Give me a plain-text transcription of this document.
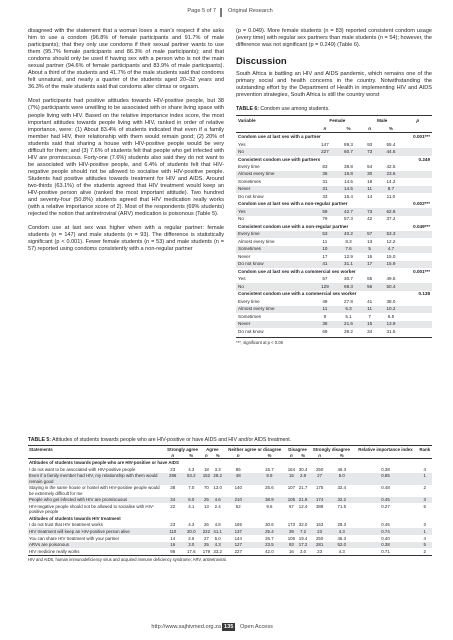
Page 5 of 7 Original Research

disagreed with the statement that a woman loses a man’s respect if she asks him to use a condom (96.8% of female participants and 91.7% of male participants); that they only use condoms if their sexual partner wants to use them (95.7% female participants and 86.3% of male participants); and that condoms should only be used if having sex with a person who is not the main sexual partner (94.6% of female participants and 83.9% of male participants). About a third of the students and 41.7% of the male students said that condoms felt unnatural, and nearly a quarter of the students aged 20–32 years and 36.3% of the male students said that condoms alter climax or orgasm.

Most participants had positive attitudes towards HIV-positive people, but 38 (7%) participants were unwilling to be associated with or share living space with people living with HIV. Based on the relative importance index score, the most important attitudes towards people living with HIV, ranked in order of relative importance, were: (1) About 83.4% of students indicated that even if a family member had HIV, their relationship with them would remain good; (2) 20% of students said that sharing a house with HIV-positive people would be very difficult for them; and (3) 7.6% of students felt that people who get infected with HIV are promiscuous. Forty-one (7.6%) students also said they do not want to be associated with HIV-positive people, and 6.4% of students felt that HIV-negative people should not be allowed to socialise with HIV-positive people. Students had positive attitudes towards treatment for HIV and AIDS. Around two-thirds (63.1%) of the students agreed that HIV treatment would keep an HIV-positive person alive (ranked the most important attitude). Two hundred and seventy-four (50.8%) students agreed that HIV medication really works (with a relative importance score of 2). Most of the respondents (69% students) rejected the notion that antiretroviral (ARV) medication is poisonous (Table 5).

Condom use at last sex was higher when with a regular partner: female students (n = 147) and male students (n = 93). The difference is statistically significant (p < 0.001). Fewer female students (n = 53) and male students (n = 57) reported using condoms consistently with a non-regular partner

(p = 0.049). More female students (n = 83) reported consistent condom usage (every time) with regular sex partners than male students (n = 54); however, the difference was not significant (p = 0.249) (Table 6).

Discussion

South Africa is battling an HIV and AIDS pandemic, which remains one of the primary social and health concerns in the country. Notwithstanding the outstanding effort by the Department of Health in implementing HIV and AIDS prevention strategies, South Africa is still the country worst

TABLE 6: Condom use among students.
Variable	Female		Male		p
	n	%	n	%	
Condom use at last sex with a partner					0.001***
Yes	147	89.3	93	55.4	
No	227	60.7	73	44.6	
Consistent condom use with partners					0.249
Every time	83	38.8	54	42.5	
Almost every time	36	16.8	30	23.6	
Sometimes	31	14.5	18	14.2	
Never	31	14.5	11	8.7	
Do not know	33	15.4	14	11.0	
Condom use at last sex with a non-regular partner					0.002***
Yes	59	42.7	73	62.8	
No	79	57.3	42	37.2	
Consistent condom use with a non-regular partner					0.049***
Every time	53	40.2	57	53.3	
Almost every time	11	8.3	13	12.2	
Sometimes	10	7.6	5	4.7	
Never	17	12.9	16	15.0	
Do not know	41	31.1	17	15.9	
Condom use at last sex with a commercial sex worker					0.001***
Yes	57	30.7	55	49.6	
No	129	69.3	56	50.4	
Consistent condom use with a commercial sex worker					0.138
Every time	49	27.8	41	38.0	
Almost every time	11	6.3	11	10.2	
Sometimes	9	5.1	7	6.5	
Never	38	21.6	15	13.9	
Do not know	69	39.2	34	31.5	
***, significant at p < 0.05
TABLE 5: Attitudes of students towards people who are HIV-positive or have AIDS and HIV and/or AIDS treatment.
Statements	Strongly agree		Agree		Neither agree or disagree		Disagree		Strongly disagree		Relative importance index	Rank
	n	%	n	%	n	%	n	%	n	%		
Attitudes of students towards people who are HIV-positive or have AIDS												
I do not want to be associated with HIV-positive people	23	4.3	18	3.3	85	15.7	164	30.4	250	46.3	0.38	4
Even if a family member had HIV, my relationship with them would remain good	286	53.2	152	28.2	48	8.9	15	2.8	27	5.0	0.85	1
Staying in the same house or hostel with HIV-positive people would be extremely difficult for me	38	7.0	70	13.0	140	25.6	107	21.7	175	32.4	0.48	2
People who get infected with HIV are promiscuous	34	6.0	25	4.6	210	38.9	105	21.9	174	32.2	0.45	3
HIV-negative people should not be allowed to socialise with HIV-positive people	22	4.1	13	2.4	52	9.6	67	12.4	388	71.5	0.27	5
Attitudes of students towards HIV treatment												
I do not trust that HIV treatment works	23	4.3	26	4.8	165	30.6	173	32.0	153	28.3	0.45	3
HIV treatment will keep an HIV-positive person alive	110	20.0	222	41.1	137	25.4	39	7.2	23	4.3	0.74	1
You can share HIV treatment with your partner	14	2.6	27	5.0	144	26.7	105	19.4	250	46.3	0.40	4
ARVs are poisonous	16	3.0	25	4.3	127	23.5	93	17.2	281	52.0	0.38	5
HIV medicine really works	95	17.6	179	33.2	227	42.0	16	3.0	23	4.3	0.71	2
HIV and AIDS, human immunodeficiency virus and acquired immune deficiency syndrome; ARV, antiretroviral.
http://www.sajhivmed.org.za 135	Open Access
